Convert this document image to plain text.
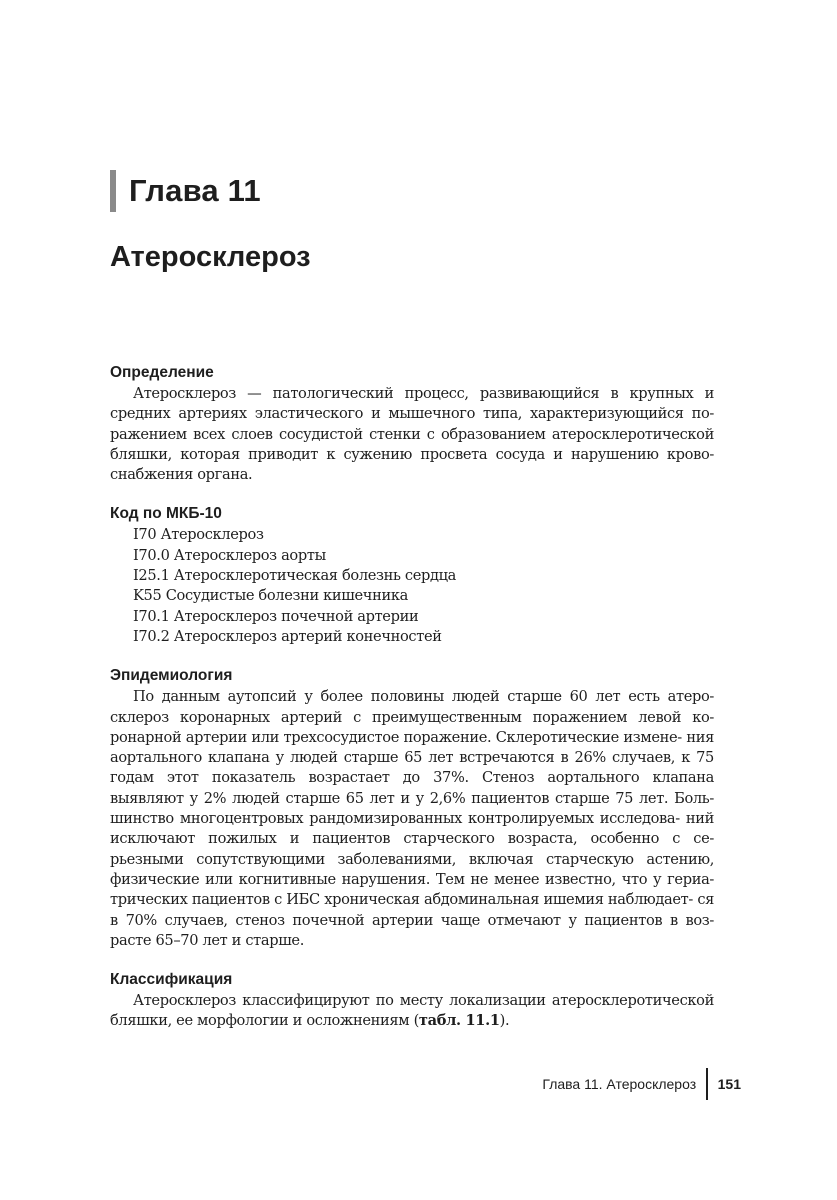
Глава 11
Атеросклероз
Определение

Атеросклероз — патологический процесс, развивающийся в крупных и средних артериях эластического и мышечного типа, характеризующийся по- ражением всех слоев сосудистой стенки с образованием атеросклеротической бляшки, которая приводит к сужению просвета сосуда и нарушению крово- снабжения органа.

Код по МКБ-10
I70 Атеросклероз
I70.0 Атеросклероз аорты
I25.1 Атеросклеротическая болезнь сердца
K55 Сосудистые болезни кишечника
I70.1 Атеросклероз почечной артерии
I70.2 Атеросклероз артерий конечностей
Эпидемиология

По данным аутопсий у более половины людей старше 60 лет есть атеро- склероз коронарных артерий с преимущественным поражением левой ко- ронарной артерии или трехсосудистое поражение. Склеротические измене- ния аортального клапана у людей старше 65 лет встречаются в 26% случаев, к 75 годам этот показатель возрастает до 37%. Стеноз аортального клапана выявляют у 2% людей старше 65 лет и у 2,6% пациентов старше 75 лет. Боль- шинство многоцентровых рандомизированных контролируемых исследова- ний исключают пожилых и пациентов старческого возраста, особенно с се- рьезными сопутствующими заболеваниями, включая старческую астению, физические или когнитивные нарушения. Тем не менее известно, что у гериа- трических пациентов с ИБС хроническая абдоминальная ишемия наблюдает- ся в 70% случаев, стеноз почечной артерии чаще отмечают у пациентов в воз- расте 65–70 лет и старше.

Классификация

Атеросклероз классифицируют по месту локализации атеросклеротической бляшки, ее морфологии и осложнениям (табл. 11.1).

Глава 11. Атеросклероз 151
